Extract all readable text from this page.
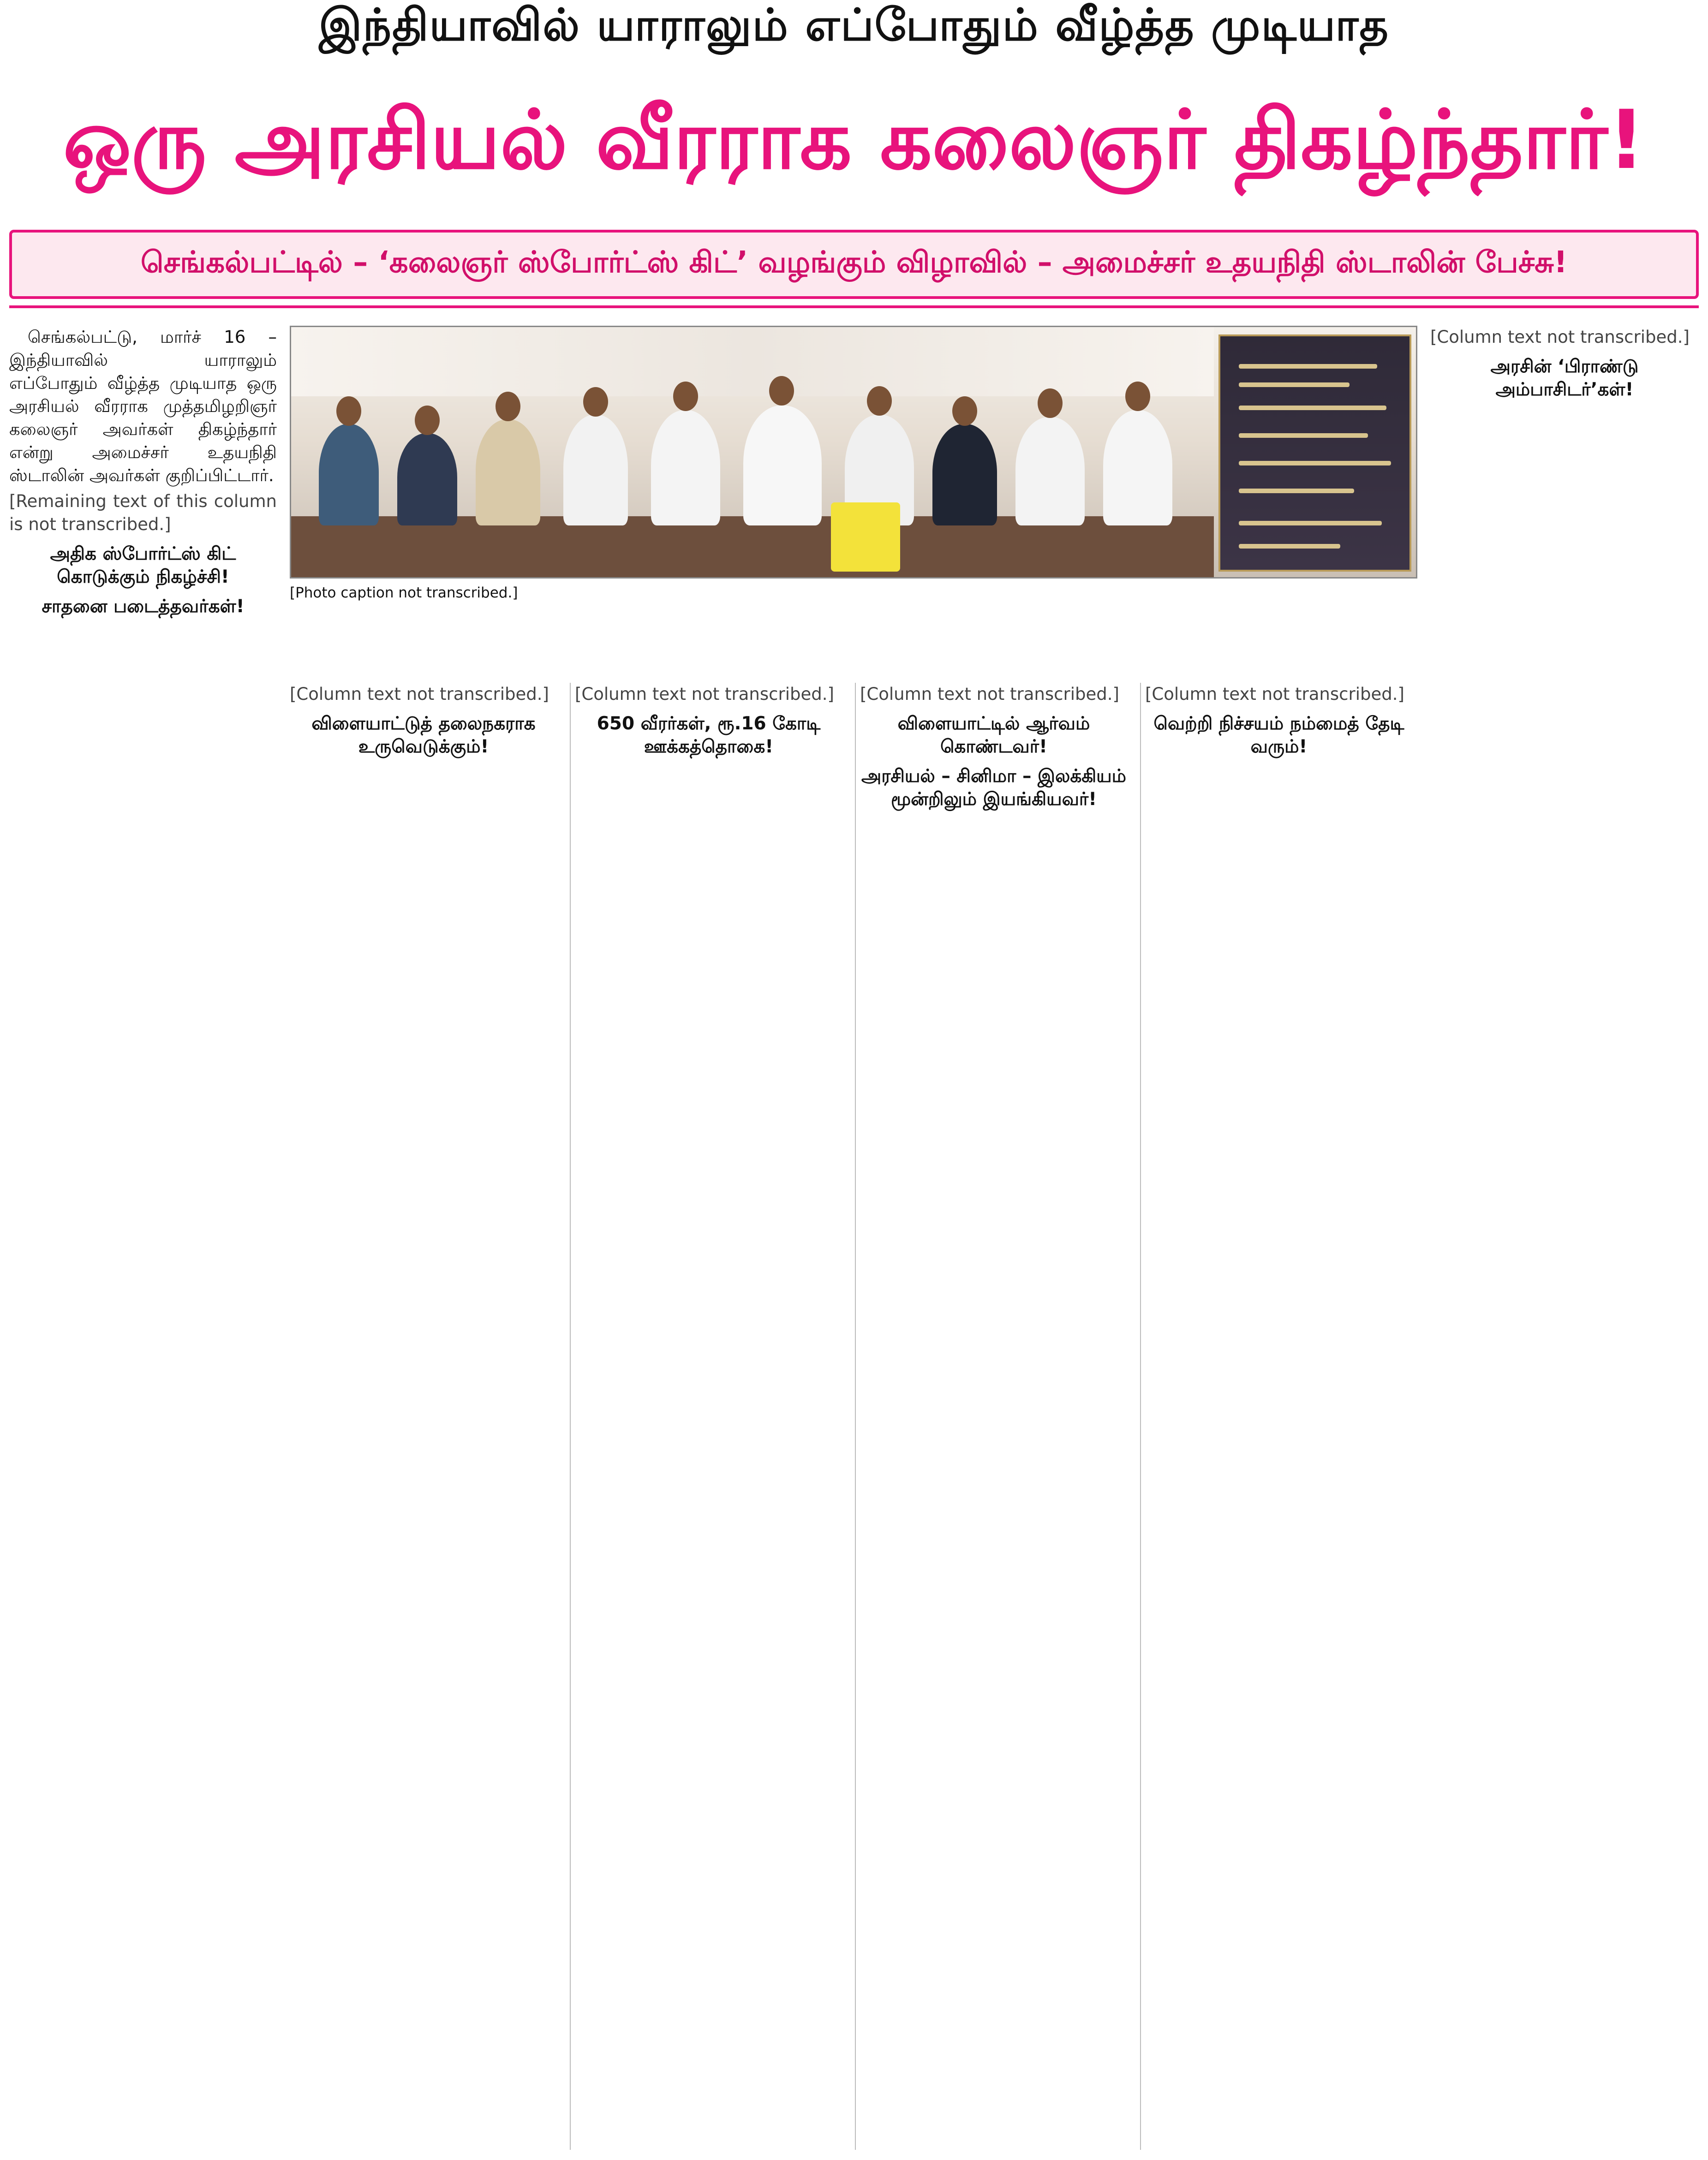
இந்தியாவில் யாராலும் எப்போதும் வீழ்த்த முடியாத
ஒரு அரசியல் வீரராக கலைஞர் திகழ்ந்தார்!
செங்கல்பட்டில் – ‘கலைஞர் ஸ்போர்ட்ஸ் கிட்’ வழங்கும் விழாவில் – அமைச்சர் உதயநிதி ஸ்டாலின் பேச்சு!
[Photo caption not transcribed.]

செங்கல்பட்டு, மார்ச் 16 – இந்தியாவில் யாராலும் எப்போதும் வீழ்த்த முடியாத ஒரு அரசியல் வீரராக முத்தமிழறிஞர் கலைஞர் அவர்கள் திகழ்ந்தார் என்று அமைச்சர் உதயநிதி ஸ்டாலின் அவர்கள் குறிப்பிட்டார்.

[Remaining text of this column is not transcribed.]

அதிக ஸ்போர்ட்ஸ் கிட் கொடுக்கும் நிகழ்ச்சி!
சாதனை படைத்தவர்கள்!

[Column text not transcribed.]

விளையாட்டுத் தலைநகராக உருவெடுக்கும்!

[Column text not transcribed.]

650 வீரர்கள், ரூ.16 கோடி ஊக்கத்தொகை!

[Column text not transcribed.]

விளையாட்டில் ஆர்வம் கொண்டவர்!
அரசியல் – சினிமா – இலக்கியம் மூன்றிலும் இயங்கியவர்!

[Column text not transcribed.]

வெற்றி நிச்சயம் நம்மைத் தேடி வரும்!

[Column text not transcribed.]

அரசின் ‘பிராண்டு அம்பாசிடர்’கள்!
